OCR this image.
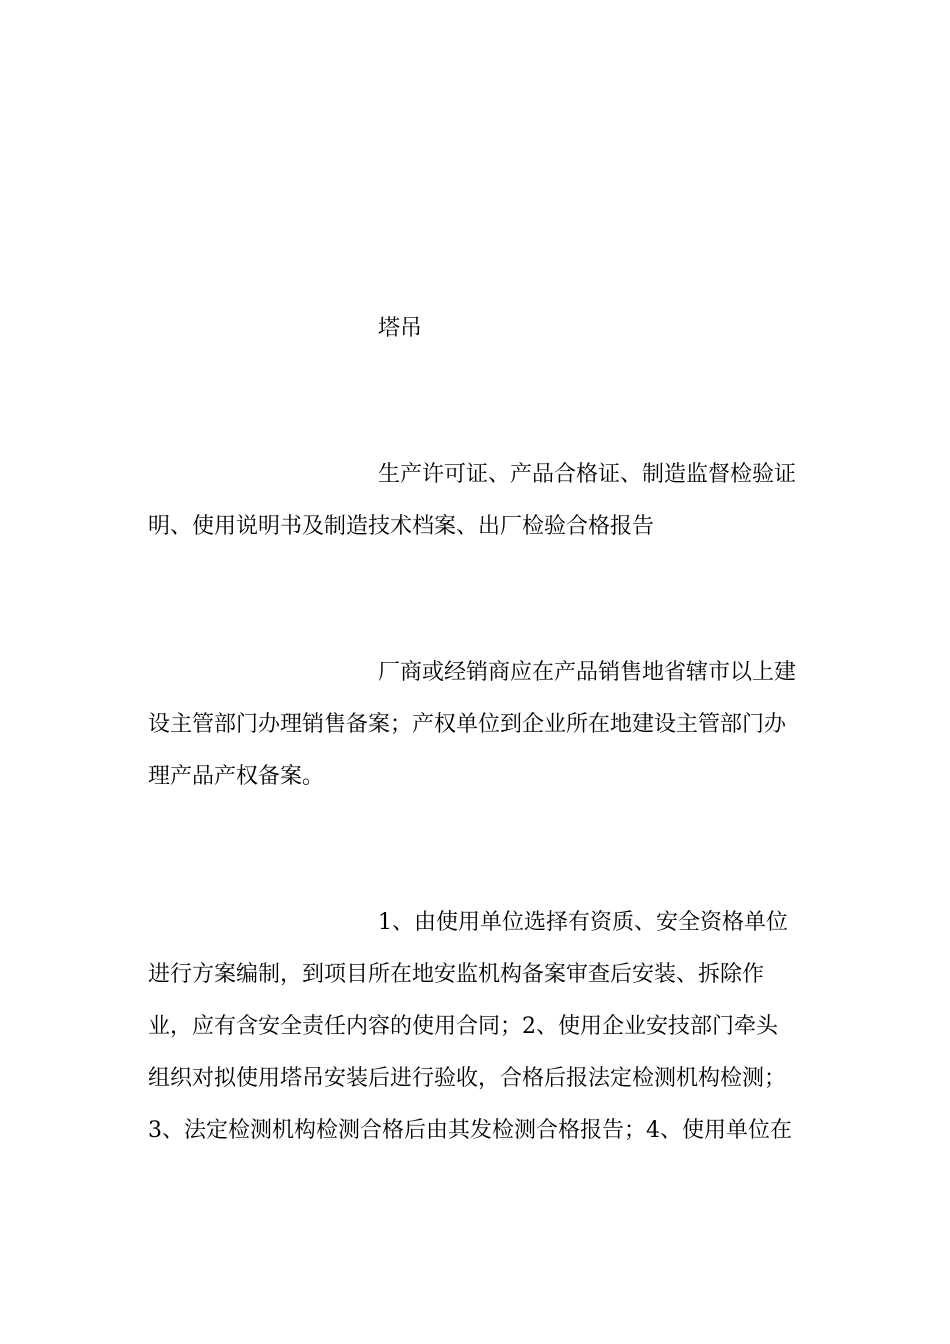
塔吊
生产许可证、产品合格证、制造监督检验证
明、使用说明书及制造技术档案、出厂检验合格报告
厂商或经销商应在产品销售地省辖市以上建
设主管部门办理销售备案；产权单位到企业所在地建设主管部门办
理产品产权备案。
1、由使用单位选择有资质、安全资格单位
进行方案编制，到项目所在地安监机构备案审查后安装、拆除作
业，应有含安全责任内容的使用合同；2、使用企业安技部门牵头
组织对拟使用塔吊安装后进行验收，合格后报法定检测机构检测；
3、法定检测机构检测合格后由其发检测合格报告；4、使用单位在
